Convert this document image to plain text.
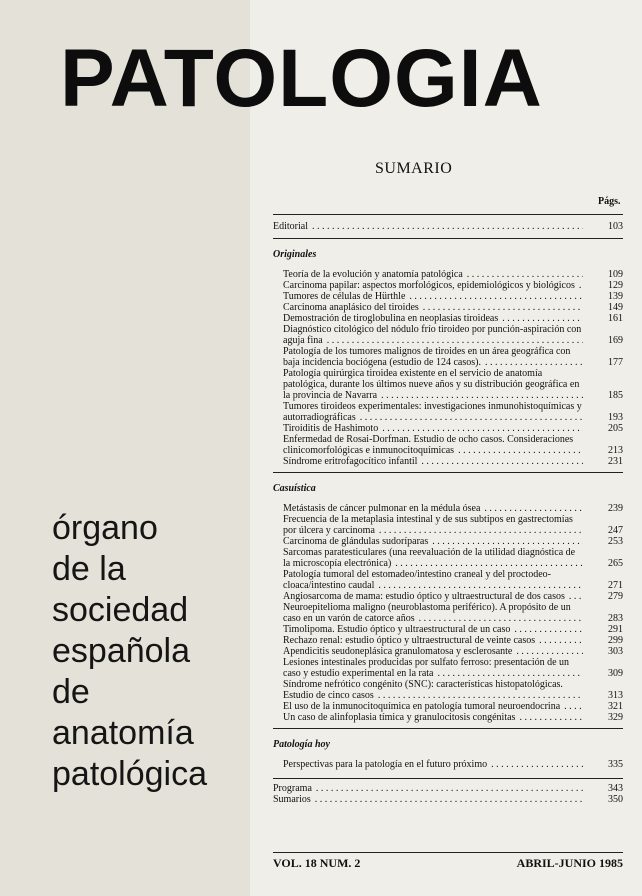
PATOLOGIA
órgano
de la
sociedad
española
de
anatomía
patológica
SUMARIO
Págs.
Editorial . . .	103
Originales
Teoría de la evolución y anatomía patológica . . .	109
Carcinoma papilar: aspectos morfológicos, epidemiológicos y biológicos . . .	129
Tumores de células de Hürthle . . .	139
Carcinoma anaplásico del tiroides . . .	149
Demostración de tiroglobulina en neoplasias tiroideas . . .	161
Diagnóstico citológico del nódulo frío tiroideo por punción-aspiración con aguja fina . . .	169
Patología de los tumores malignos de tiroides en un área geográfica con baja incidencia bociógena (estudio de 124 casos). . . .	177
Patología quirúrgica tiroidea existente en el servicio de anatomía patológica, durante los últimos nueve años y su distribución geográfica en la provincia de Navarra . . .	185
Tumores tiroideos experimentales: investigaciones inmunohistoquímicas y autorradiográficas . . .	193
Tiroiditis de Hashimoto . . .	205
Enfermedad de Rosai-Dorfman. Estudio de ocho casos. Consideraciones clinicomorfológicas e inmunocitoquímicas . . .	213
Síndrome eritrofagocítico infantil . . .	231
Casuística
Metástasis de cáncer pulmonar en la médula ósea . . .	239
Frecuencia de la metaplasia intestinal y de sus subtipos en gastrectomías por úlcera y carcinoma . . .	247
Carcinoma de glándulas sudoríparas . . .	253
Sarcomas paratesticulares (una reevaluación de la utilidad diagnóstica de la microscopía electrónica) . . .	265
Patología tumoral del estomadeo/intestino craneal y del proctodeo-cloaca/intestino caudal . . .	271
Angiosarcoma de mama: estudio óptico y ultraestructural de dos casos . . .	279
Neuroepitelioma maligno (neuroblastoma periférico). A propósito de un caso en un varón de catorce años . . .	283
Timolipoma. Estudio óptico y ultraestructural de un caso . . .	291
Rechazo renal: estudio óptico y ultraestructural de veinte casos . . .	299
Apendicitis seudoneplásica granulomatosa y esclerosante . . .	303
Lesiones intestinales producidas por sulfato ferroso: presentación de un caso y estudio experimental en la rata . . .	309
Síndrome nefrótico congénito (SNC): características histopatológicas. Estudio de cinco casos . . .	313
El uso de la inmunocitoquímica en patología tumoral neuroendocrina . . .	321
Un caso de alinfoplasia tímica y granulocitosis congénitas . . .	329
Patología hoy
Perspectivas para la patología en el futuro próximo . . .	335
Programa . . .	343
Sumarios . . .	350
VOL. 18 NUM. 2	ABRIL-JUNIO 1985
